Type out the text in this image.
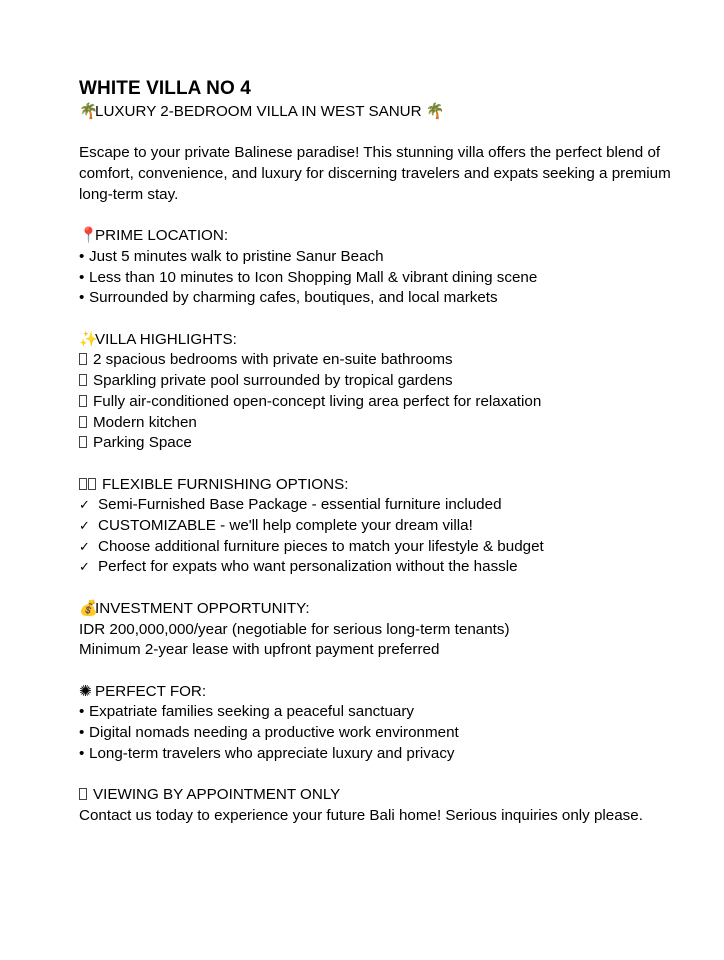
WHITE VILLA NO 4
🌴LUXURY 2-BEDROOM VILLA IN WEST SANUR 🌴
Escape to your private Balinese paradise! This stunning villa offers the perfect blend of
comfort, convenience, and luxury for discerning travelers and expats seeking a premium
long-term stay.
📍PRIME LOCATION:
• Just 5 minutes walk to pristine Sanur Beach
• Less than 10 minutes to Icon Shopping Mall & vibrant dining scene
• Surrounded by charming cafes, boutiques, and local markets
✨VILLA HIGHLIGHTS:
2 spacious bedrooms with private en-suite bathrooms
Sparkling private pool surrounded by tropical gardens
Fully air-conditioned open-concept living area perfect for relaxation
Modern kitchen
Parking Space
FLEXIBLE FURNISHING OPTIONS:
✓ Semi-Furnished Base Package - essential furniture included
✓ CUSTOMIZABLE - we'll help complete your dream villa!
✓ Choose additional furniture pieces to match your lifestyle & budget
✓ Perfect for expats who want personalization without the hassle
💰INVESTMENT OPPORTUNITY:
IDR 200,000,000/year (negotiable for serious long-term tenants)
Minimum 2-year lease with upfront payment preferred
✺ PERFECT FOR:
• Expatriate families seeking a peaceful sanctuary
• Digital nomads needing a productive work environment
• Long-term travelers who appreciate luxury and privacy
VIEWING BY APPOINTMENT ONLY
Contact us today to experience your future Bali home! Serious inquiries only please.
